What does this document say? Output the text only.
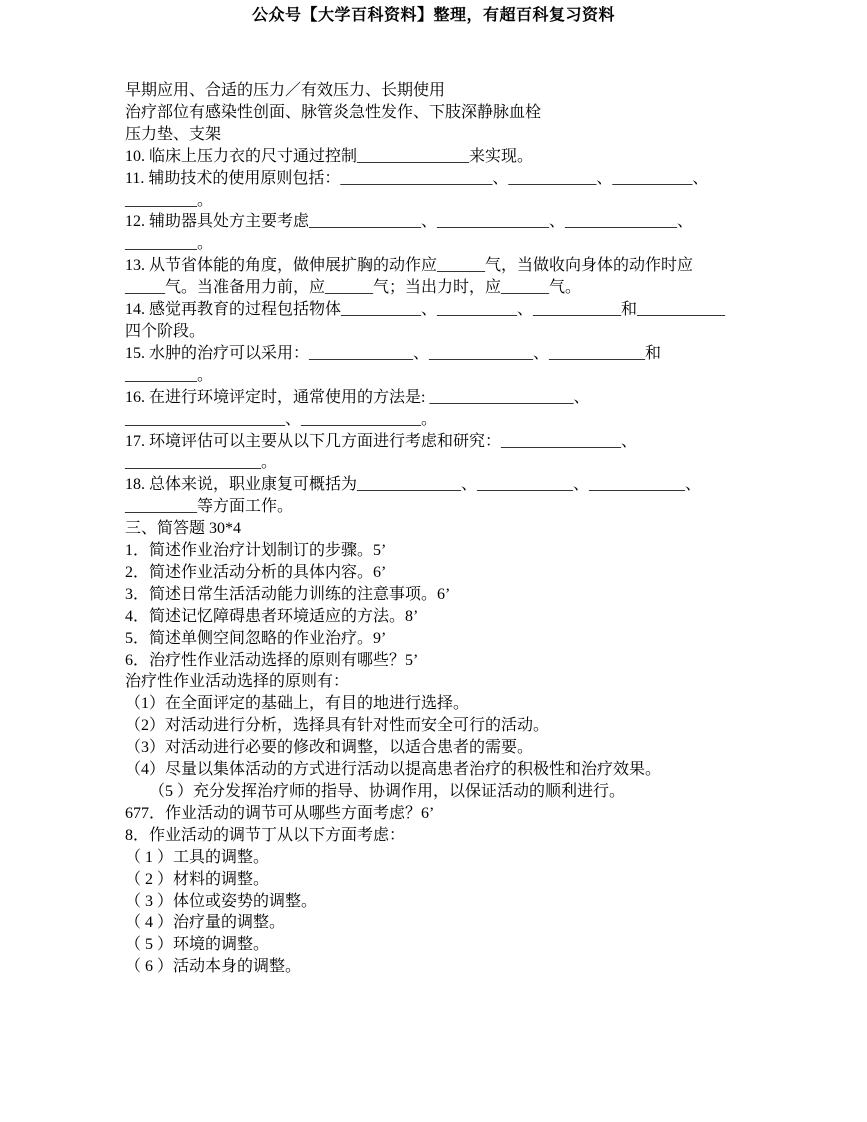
公众号【大学百科资料】整理，有超百科复习资料
早期应用、合适的压力／有效压力、长期使用
治疗部位有感染性创面、脉管炎急性发作、下肢深静脉血栓
压力垫、支架
10. 临床上压力衣的尺寸通过控制______________来实现。
11. 辅助技术的使用原则包括：___________________、___________、__________、
_________。
12. 辅助器具处方主要考虑______________、______________、______________、
_________。
13. 从节省体能的角度，做伸展扩胸的动作应______气，当做收向身体的动作时应
_____气。当准备用力前，应______气；当出力时，应______气。
14. 感觉再教育的过程包括物体__________、__________、___________和___________
四个阶段。
15. 水肿的治疗可以采用：_____________、_____________、____________和
_________。
16. 在进行环境评定时，通常使用的方法是: __________________、
____________________、_______________。
17. 环境评估可以主要从以下几方面进行考虑和研究：_______________、
_________________。
18. 总体来说，职业康复可概括为_____________、____________、____________、
_________等方面工作。
三、简答题 30*4
1．简述作业治疗计划制订的步骤。5’
2．简述作业活动分析的具体内容。6’
3．简述日常生活活动能力训练的注意事项。6’
4．简述记忆障碍患者环境适应的方法。8’
5．简述单侧空间忽略的作业治疗。9’
6．治疗性作业活动选择的原则有哪些？5’
治疗性作业活动选择的原则有：
（1）在全面评定的基础上，有目的地进行选择。
（2）对活动进行分析，选择具有针对性而安全可行的活动。
（3）对活动进行必要的修改和调整，以适合患者的需要。
（4）尽量以集体活动的方式进行活动以提高患者治疗的积极性和治疗效果。
　　（5 ）充分发挥治疗师的指导、协调作用，以保证活动的顺利进行。
677．作业活动的调节可从哪些方面考虑？6’
8．作业活动的调节丁从以下方面考虑：
（ 1 ）工具的调整。
（ 2 ）材料的调整。
（ 3 ）体位或姿势的调整。
（ 4 ）治疗量的调整。
（ 5 ）环境的调整。
（ 6 ）活动本身的调整。
